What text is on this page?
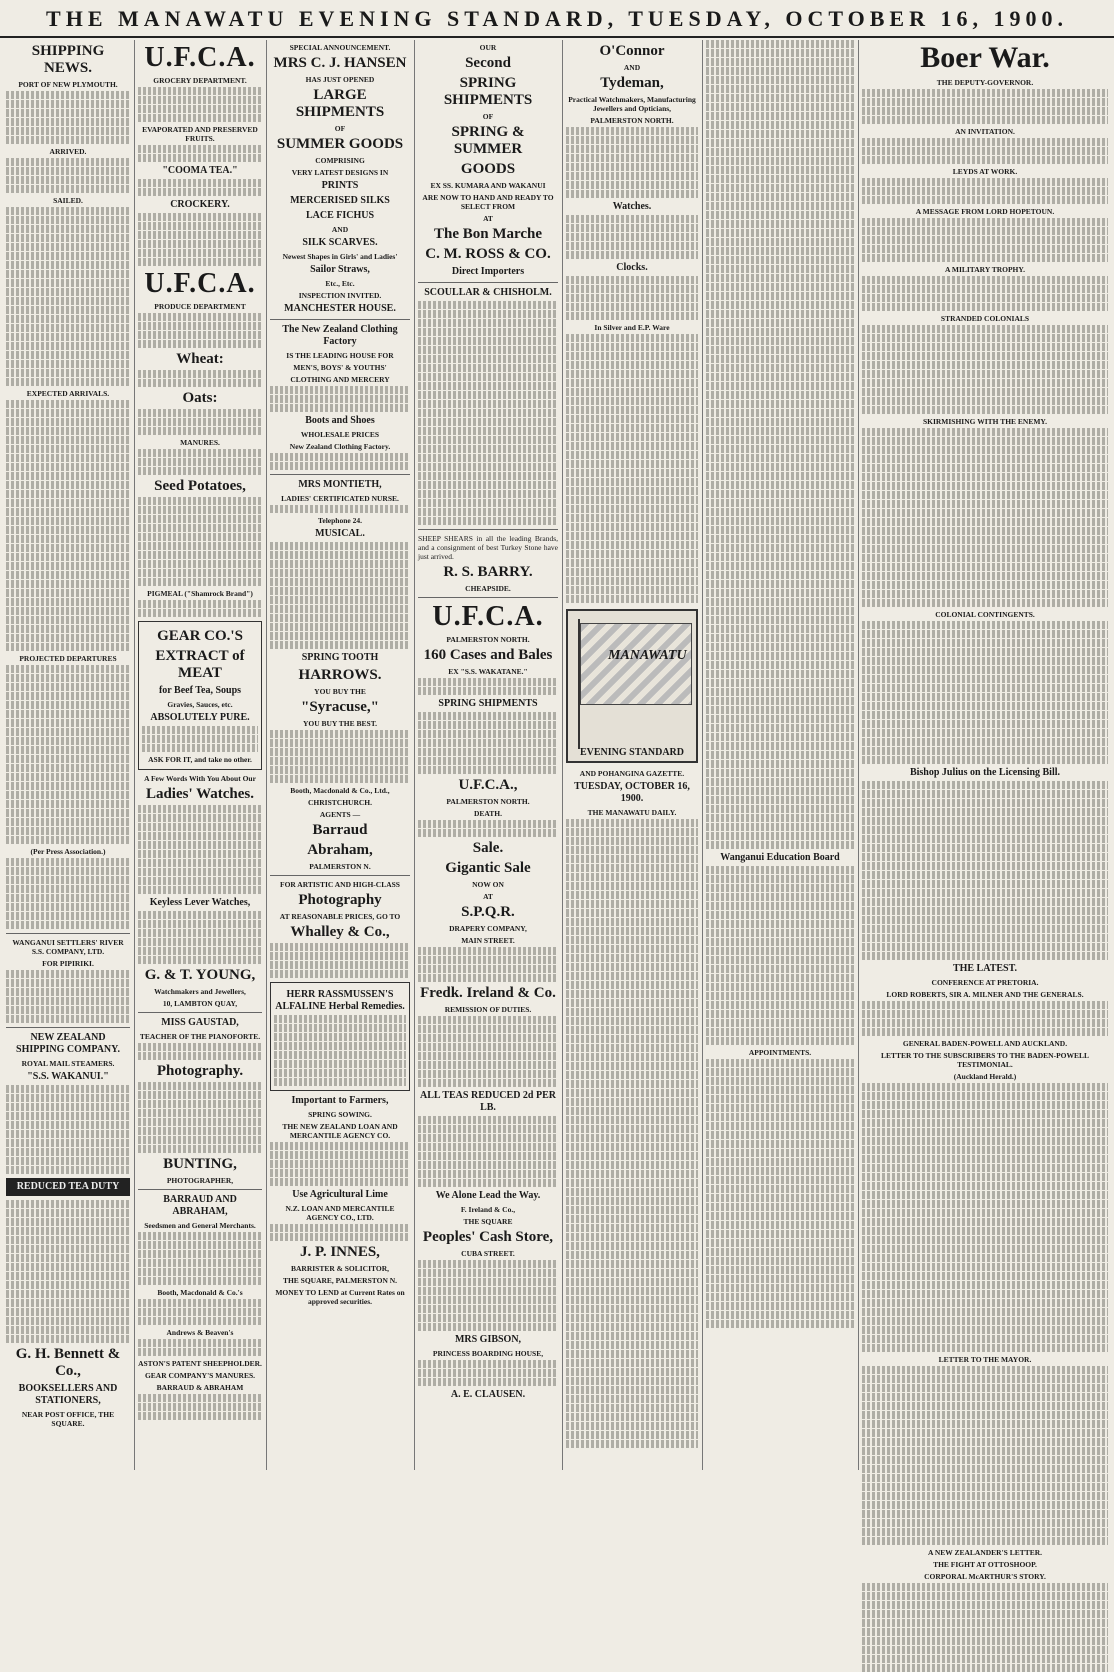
THE MANAWATU EVENING STANDARD, TUESDAY, OCTOBER 16, 1900.
SHIPPING NEWS.
PORT OF NEW PLYMOUTH.
ARRIVED.
SAILED.
EXPECTED ARRIVALS.
PROJECTED DEPARTURES
(Per Press Association.)
WANGANUI SETTLERS' RIVER S.S. COMPANY, LTD.
FOR PIPIRIKI.
NEW ZEALAND SHIPPING COMPANY.
ROYAL MAIL STEAMERS.
"S.S. WAKANUI."
REDUCED TEA DUTY
G. H. Bennett & Co.,
BOOKSELLERS AND STATIONERS,
NEAR POST OFFICE, THE SQUARE.
U.F.C.A.
GROCERY DEPARTMENT.
EVAPORATED AND PRESERVED FRUITS.
"COOMA TEA."
CROCKERY.
U.F.C.A.
PRODUCE DEPARTMENT
Wheat:
Oats:
MANURES.
Seed Potatoes,
PIGMEAL ("Shamrock Brand")
GEAR CO.'S
EXTRACT of MEAT
for Beef Tea, Soups
Gravies, Sauces, etc.
ABSOLUTELY PURE.
ASK FOR IT, and take no other.
A Few Words With You About Our
Ladies' Watches.
Keyless Lever Watches,
G. & T. YOUNG,
Watchmakers and Jewellers,
10, LAMBTON QUAY,
MISS GAUSTAD,
TEACHER OF THE PIANOFORTE.
Photography.
BUNTING,
PHOTOGRAPHER,
BARRAUD AND ABRAHAM,
Seedsmen and General Merchants.
Booth, Macdonald & Co.'s
Andrews & Beaven's
ASTON'S PATENT SHEEPHOLDER.
GEAR COMPANY'S MANURES.
BARRAUD & ABRAHAM
SPECIAL ANNOUNCEMENT.
MRS C. J. HANSEN
HAS JUST OPENED
LARGE SHIPMENTS
OF
SUMMER GOODS
COMPRISING
VERY LATEST DESIGNS IN
PRINTS
MERCERISED SILKS
LACE FICHUS
AND
SILK SCARVES.
Newest Shapes in Girls' and Ladies'
Sailor Straws,
Etc., Etc.
INSPECTION INVITED.
MANCHESTER HOUSE.
The New Zealand Clothing Factory
IS THE LEADING HOUSE FOR
MEN'S, BOYS' & YOUTHS'
CLOTHING AND MERCERY
Boots and Shoes
WHOLESALE PRICES
New Zealand Clothing Factory.
MRS MONTIETH,
LADIES' CERTIFICATED NURSE.
Telephone 24.
MUSICAL.
SPRING TOOTH
HARROWS.
YOU BUY THE
"Syracuse,"
YOU BUY THE BEST.
Booth, Macdonald & Co., Ltd.,
CHRISTCHURCH.
AGENTS —
Barraud
Abraham,
PALMERSTON N.
FOR ARTISTIC AND HIGH-CLASS
Photography
AT REASONABLE PRICES, GO TO
Whalley & Co.,
HERR RASSMUSSEN'S ALFALINE Herbal Remedies.
Important to Farmers,
SPRING SOWING.
THE NEW ZEALAND LOAN AND MERCANTILE AGENCY CO.
Use Agricultural Lime
N.Z. LOAN AND MERCANTILE AGENCY CO., LTD.
J. P. INNES,
BARRISTER & SOLICITOR,
THE SQUARE, PALMERSTON N.
MONEY TO LEND at Current Rates on approved securities.
OUR
Second
SPRING SHIPMENTS
OF
SPRING & SUMMER
GOODS
EX SS. KUMARA AND WAKANUI
ARE NOW TO HAND AND READY TO SELECT FROM
AT
The Bon Marche
C. M. ROSS & CO.
Direct Importers
SCOULLAR & CHISHOLM.

SHEEP SHEARS in all the leading Brands, and a consignment of best Turkey Stone have just arrived.

R. S. BARRY.
CHEAPSIDE.
U.F.C.A.
PALMERSTON NORTH.
160 Cases and Bales
EX "S.S. WAKATANE."
SPRING SHIPMENTS
U.F.C.A.,
PALMERSTON NORTH.
DEATH.
Sale.
Gigantic Sale
NOW ON
AT
S.P.Q.R.
DRAPERY COMPANY,
MAIN STREET.
Fredk. Ireland & Co.
REMISSION OF DUTIES.
ALL TEAS REDUCED 2d PER LB.
We Alone Lead the Way.
F. Ireland & Co.,
THE SQUARE
Peoples' Cash Store,
CUBA STREET.
MRS GIBSON,
PRINCESS BOARDING HOUSE,
A. E. CLAUSEN.
O'Connor
AND
Tydeman,
Practical Watchmakers, Manufacturing Jewellers and Opticians,
PALMERSTON NORTH.
Watches.
Clocks.
In Silver and E.P. Ware
MANAWATU
EVENING STANDARD
AND POHANGINA GAZETTE.
TUESDAY, OCTOBER 16, 1900.
THE MANAWATU DAILY.
Wanganui Education Board
APPOINTMENTS.
Boer War.
THE DEPUTY-GOVERNOR.
AN INVITATION.
LEYDS AT WORK.
A MESSAGE FROM LORD HOPETOUN.
A MILITARY TROPHY.
STRANDED COLONIALS
SKIRMISHING WITH THE ENEMY.
COLONIAL CONTINGENTS.
Bishop Julius on the Licensing Bill.
THE LATEST.
CONFERENCE AT PRETORIA.
LORD ROBERTS, SIR A. MILNER AND THE GENERALS.
GENERAL BADEN-POWELL AND AUCKLAND.
LETTER TO THE SUBSCRIBERS TO THE BADEN-POWELL TESTIMONIAL.
(Auckland Herald.)
LETTER TO THE MAYOR.
A NEW ZEALANDER'S LETTER.
THE FIGHT AT OTTOSHOOP.
CORPORAL McARTHUR'S STORY.
